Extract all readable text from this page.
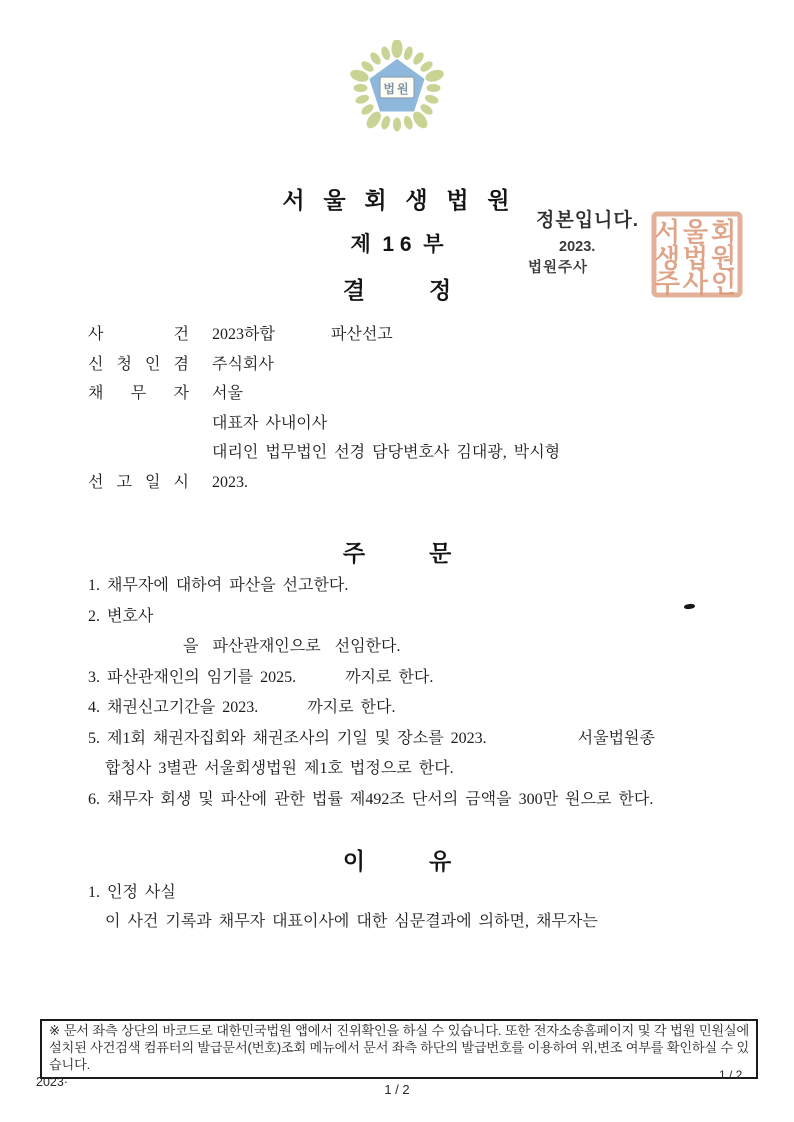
법원
서  울  회  생  법  원
제  1 6  부
결          정
정본입니다.
2023.
법원주사
서울회
생법원
주사인
사	건 2023하합        파산선고
신 청 인 겸 주식회사
채 무 자 서울
대표자 사내이사
대리인 법무법인 선경 담당변호사 김대광, 박시형
선 고 일 시 2023.
주          문
1. 채무자에 대하여 파산을 선고한다.
2. 변호사
을  파산관재인으로  선임한다.
3. 파산관재인의 임기를 2025.       까지로 한다.
4. 채권신고기간을 2023.       까지로 한다.
5. 제1회 채권자집회와 채권조사의 기일 및 장소를 2023.             서울법원종
합청사 3별관 서울회생법원 제1호 법정으로 한다.
6. 채무자 회생 및 파산에 관한 법률 제492조 단서의 금액을 300만 원으로 한다.
이          유
1. 인정 사실
이 사건 기록과 채무자 대표이사에 대한 심문결과에 의하면, 채무자는
※ 문서 좌측 상단의 바코드로 대한민국법원 앱에서 진위확인을 하실 수 있습니다. 또한 전자소송홈페이지 및 각 법원 민원실에 설치된 사건검색 컴퓨터의 발급문서(번호)조회 메뉴에서 문서 좌측 하단의 발급번호를 이용하여 위,변조 여부를 확인하실 수 있습니다.
2023·	1 / 2
1 / 2
